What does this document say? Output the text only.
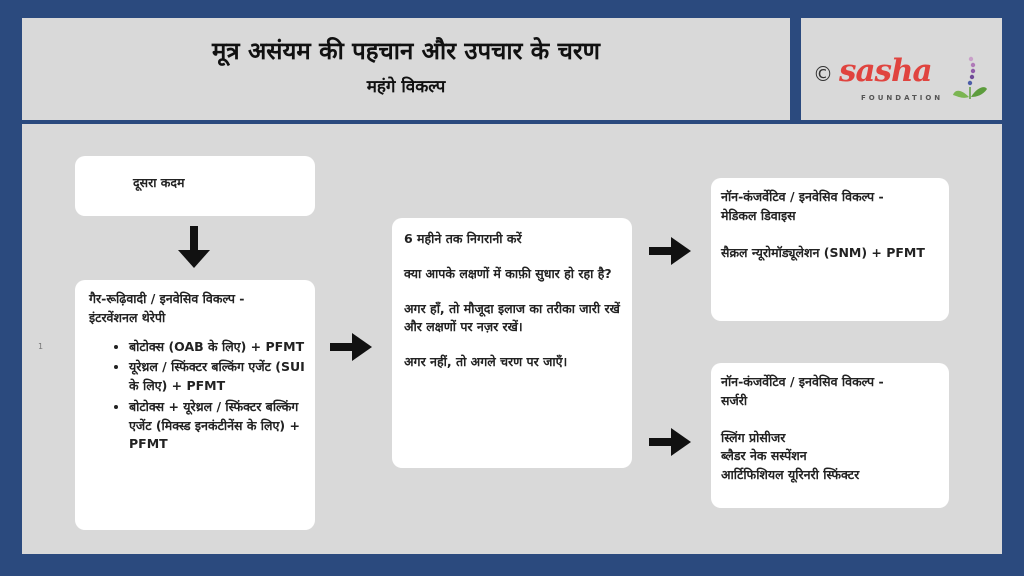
मूत्र असंयम की पहचान और उपचार के चरण
महंगे विकल्प
© sasha
FOUNDATION
1
दूसरा कदम
गैर-रूढ़िवादी / इनवेसिव विकल्प -
इंटरवेंशनल थेरेपी
• बोटोक्स (OAB के लिए) + PFMT
• यूरेथ्रल / स्फिंक्टर बल्किंग एजेंट (SUI के लिए) + PFMT
• बोटोक्स + यूरेथ्रल / स्फिंक्टर बल्किंग एजेंट (मिक्स्ड इनकंटीनेंस के लिए) + PFMT
6 महीने तक निगरानी करें
क्या आपके लक्षणों में काफ़ी सुधार हो रहा है?
अगर हाँ, तो मौजूदा इलाज का तरीका जारी रखें और लक्षणों पर नज़र रखें।
अगर नहीं, तो अगले चरण पर जाएँ।
नॉन-कंजर्वेटिव / इनवेसिव विकल्प -
मेडिकल डिवाइस
सैक्रल न्यूरोमॉड्यूलेशन (SNM) + PFMT
नॉन-कंजर्वेटिव / इनवेसिव विकल्प -
सर्जरी
स्लिंग प्रोसीजर
ब्लैडर नेक सस्पेंशन
आर्टिफिशियल यूरिनरी स्फिंक्टर
